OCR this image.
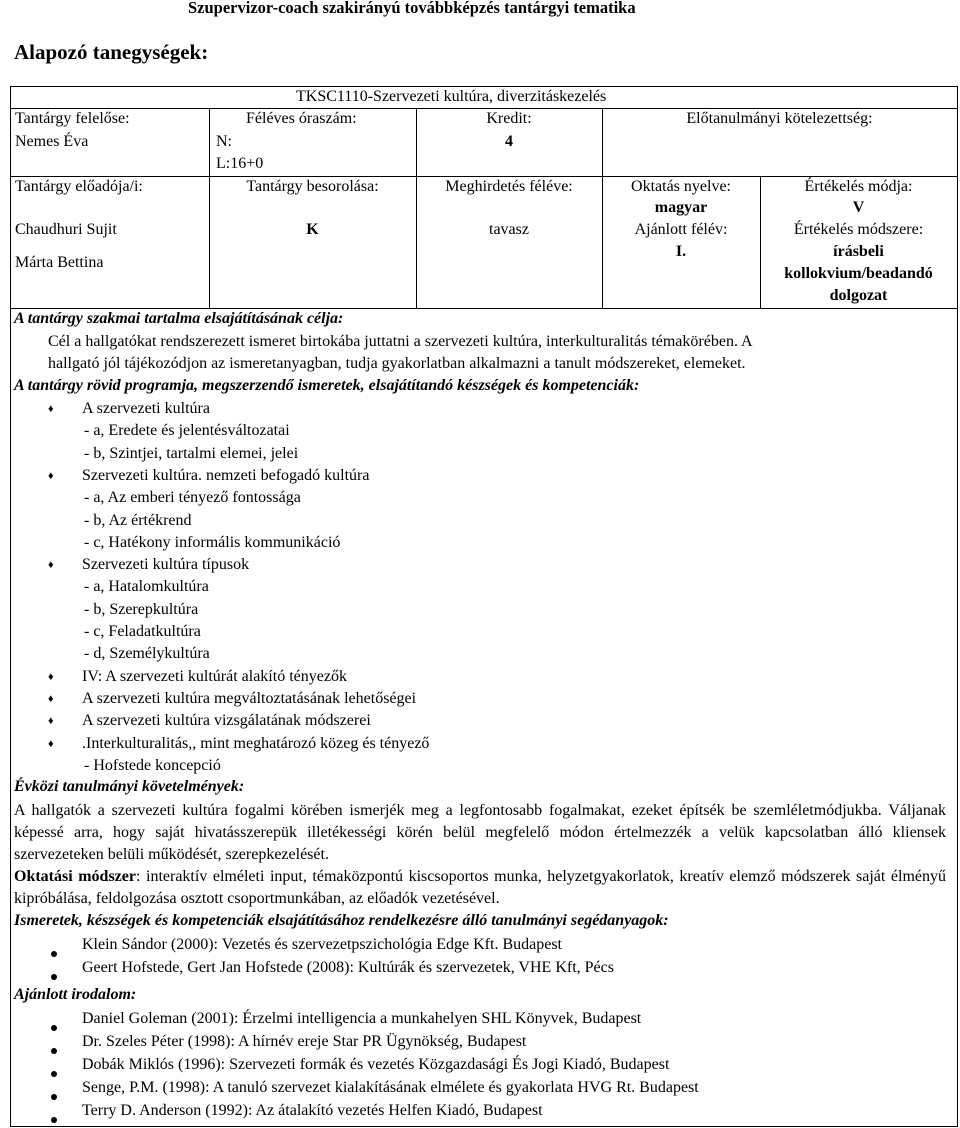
Szupervizor-coach szakirányú továbbképzés tantárgyi tematika
Alapozó tanegységek:
TKSC1110-Szervezeti kultúra, diverzitáskezelés
Tantárgy felelőse:
Nemes Éva
Féléves óraszám:
N:
L:16+0
Kredit:
4
Előtanulmányi kötelezettség:
Tantárgy előadója/i:
Chaudhuri Sujit
Márta Bettina
Tantárgy besorolása:
K
Meghirdetés féléve:
tavasz
Oktatás nyelve:
magyar
Ajánlott félév:
I.
Értékelés módja:
V
Értékelés módszere:
írásbeli
kollokvium/beadandó
dolgozat
A tantárgy szakmai tartalma elsajátításának célja:
Cél a hallgatókat rendszerezett ismeret birtokába juttatni a szervezeti kultúra, interkulturalitás témakörében. A
hallgató jól tájékozódjon az ismeretanyagban, tudja gyakorlatban alkalmazni a tanult módszereket, elemeket.
A tantárgy rövid programja, megszerzendő ismeretek, elsajátítandó készségek és kompetenciák:
♦ A szervezeti kultúra
- a, Eredete és jelentésváltozatai
- b, Szintjei, tartalmi elemei, jelei
♦ Szervezeti kultúra. nemzeti befogadó kultúra
- a, Az emberi tényező fontossága
- b, Az értékrend
- c, Hatékony informális kommunikáció
♦ Szervezeti kultúra típusok
- a, Hatalomkultúra
- b, Szerepkultúra
- c, Feladatkultúra
- d, Személykultúra
♦ IV: A szervezeti kultúrát alakító tényezők
♦ A szervezeti kultúra megváltoztatásának lehetőségei
♦ A szervezeti kultúra vizsgálatának módszerei
♦ .Interkulturalitás,, mint meghatározó közeg és tényező
- Hofstede koncepció
Évközi tanulmányi követelmények:
A hallgatók a szervezeti kultúra fogalmi körében ismerjék meg a legfontosabb fogalmakat, ezeket építsék be szemléletmódjukba. Váljanak képessé arra, hogy saját hivatásszerepük illetékességi körén belül megfelelő módon értelmezzék a velük kapcsolatban álló kliensek szervezeteken belüli működését, szerepkezelését.
Oktatási módszer: interaktív elméleti input, témaközpontú kiscsoportos munka, helyzetgyakorlatok, kreatív elemző módszerek saját élményű kipróbálása, feldolgozása osztott csoportmunkában, az előadók vezetésével.
Ismeretek, készségek és kompetenciák elsajátításához rendelkezésre álló tanulmányi segédanyagok:
Klein Sándor (2000): Vezetés és szervezetpszichológia Edge Kft. Budapest
Geert Hofstede, Gert Jan Hofstede (2008): Kultúrák és szervezetek, VHE Kft, Pécs
Ajánlott irodalom:
Daniel Goleman (2001): Érzelmi intelligencia a munkahelyen SHL Könyvek, Budapest
Dr. Szeles Péter (1998): A hírnév ereje Star PR Ügynökség, Budapest
Dobák Miklós (1996): Szervezeti formák és vezetés Közgazdasági És Jogi Kiadó, Budapest
Senge, P.M. (1998): A tanuló szervezet kialakításának elmélete és gyakorlata HVG Rt. Budapest
Terry D. Anderson (1992): Az átalakító vezetés Helfen Kiadó, Budapest
